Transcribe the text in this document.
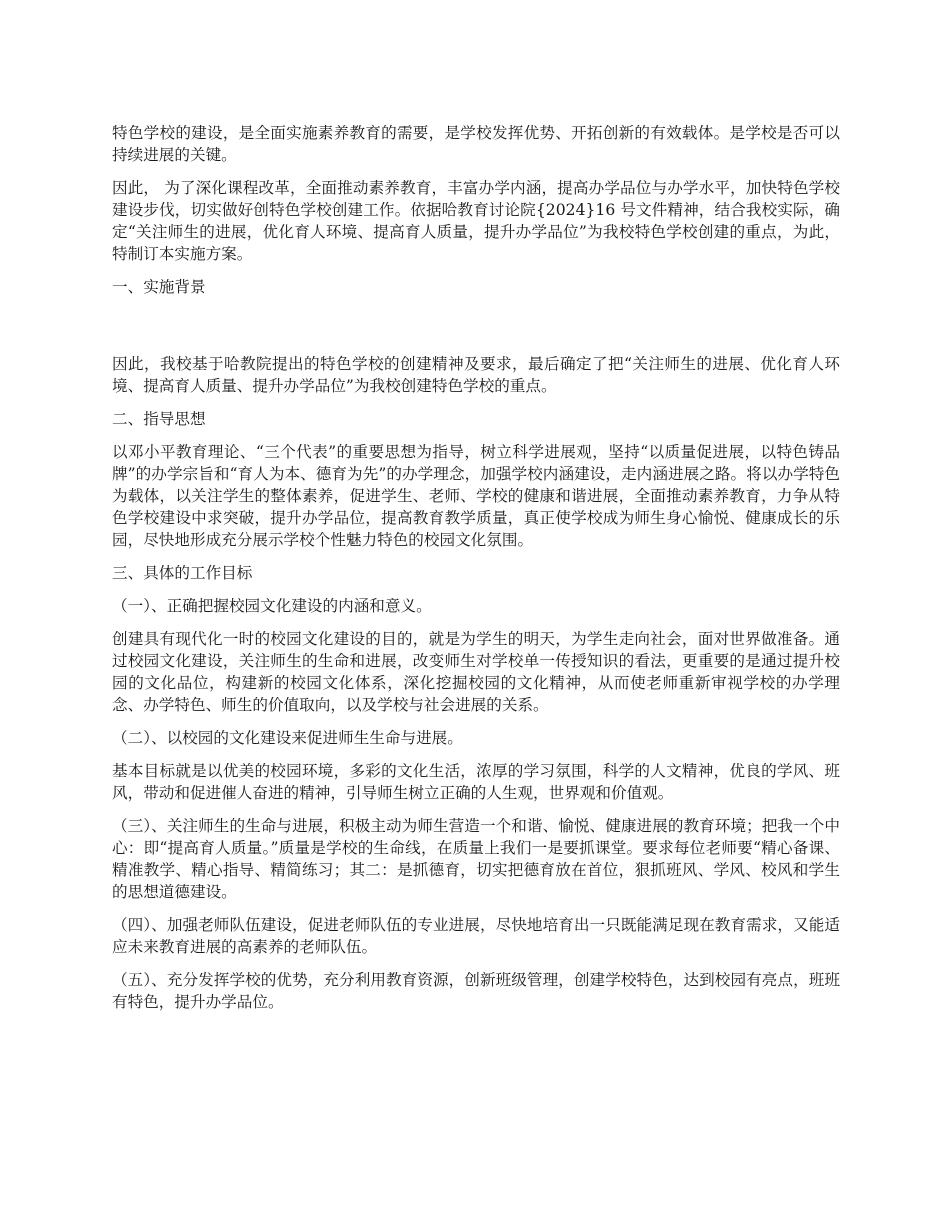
特色学校的建设，是全面实施素养教育的需要，是学校发挥优势、开拓创新的有效载体。是学校是否可以持续进展的关键。

因此， 为了深化课程改革，全面推动素养教育，丰富办学内涵，提高办学品位与办学水平，加快特色学校建设步伐，切实做好创特色学校创建工作。依据哈教育讨论院{2024}16 号文件精神，结合我校实际，确定“关注师生的进展，优化育人环境、提高育人质量，提升办学品位”为我校特色学校创建的重点，为此，特制订本实施方案。

一、实施背景

因此，我校基于哈教院提出的特色学校的创建精神及要求，最后确定了把“关注师生的进展、优化育人环境、提高育人质量、提升办学品位”为我校创建特色学校的重点。

二、指导思想

以邓小平教育理论、“三个代表”的重要思想为指导，树立科学进展观，坚持“以质量促进展，以特色铸品牌”的办学宗旨和“育人为本、德育为先”的办学理念，加强学校内涵建设，走内涵进展之路。将以办学特色为载体，以关注学生的整体素养，促进学生、老师、学校的健康和谐进展，全面推动素养教育，力争从特色学校建设中求突破，提升办学品位，提高教育教学质量，真正使学校成为师生身心愉悦、健康成长的乐园，尽快地形成充分展示学校个性魅力特色的校园文化氛围。

三、具体的工作目标

（一）、正确把握校园文化建设的内涵和意义。

创建具有现代化一时的校园文化建设的目的，就是为学生的明天，为学生走向社会，面对世界做准备。通过校园文化建设，关注师生的生命和进展，改变师生对学校单一传授知识的看法，更重要的是通过提升校园的文化品位，构建新的校园文化体系，深化挖掘校园的文化精神，从而使老师重新审视学校的办学理念、办学特色、师生的价值取向，以及学校与社会进展的关系。

（二）、以校园的文化建设来促进师生生命与进展。

基本目标就是以优美的校园环境，多彩的文化生活，浓厚的学习氛围，科学的人文精神，优良的学风、班风，带动和促进催人奋进的精神，引导师生树立正确的人生观，世界观和价值观。

（三）、关注师生的生命与进展，积极主动为师生营造一个和谐、愉悦、健康进展的教育环境；把我一个中心：即“提高育人质量。”质量是学校的生命线，在质量上我们一是要抓课堂。要求每位老师要“精心备课、精准教学、精心指导、精简练习；其二：是抓德育，切实把德育放在首位，狠抓班风、学风、校风和学生的思想道德建设。

（四）、加强老师队伍建设，促进老师队伍的专业进展，尽快地培育出一只既能满足现在教育需求，又能适应未来教育进展的高素养的老师队伍。

（五）、充分发挥学校的优势，充分利用教育资源，创新班级管理，创建学校特色，达到校园有亮点，班班有特色，提升办学品位。
